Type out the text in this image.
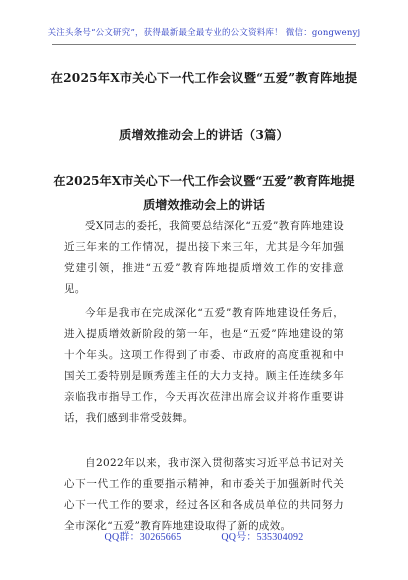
关注头条号“公文研究”，获得最新最全最专业的公文资料库！ 微信：gongwenyj
在2025年X市关心下一代工作会议暨“五爱”教育阵地提
质增效推动会上的讲话（3篇）
在2025年X市关心下一代工作会议暨“五爱”教育阵地提
质增效推动会上的讲话

受X同志的委托，我简要总结深化“五爱”教育阵地建设近三年来的工作情况，提出接下来三年，尤其是今年加强党建引领，推进“五爱”教育阵地提质增效工作的安排意见。

今年是我市在完成深化“五爱”教育阵地建设任务后，进入提质增效新阶段的第一年，也是“五爱”阵地建设的第十个年头。这项工作得到了市委、市政府的高度重视和中国关工委特别是顾秀莲主任的大力支持。顾主任连续多年亲临我市指导工作，今天再次莅津出席会议并将作重要讲话，我们感到非常受鼓舞。

自2022年以来，我市深入贯彻落实习近平总书记对关心下一代工作的重要指示精神，和市委关于加强新时代关心下一代工作的要求，经过各区和各成员单位的共同努力全市深化“五爱”教育阵地建设取得了新的成效。

QQ群：30265665	QQ号：535304092
